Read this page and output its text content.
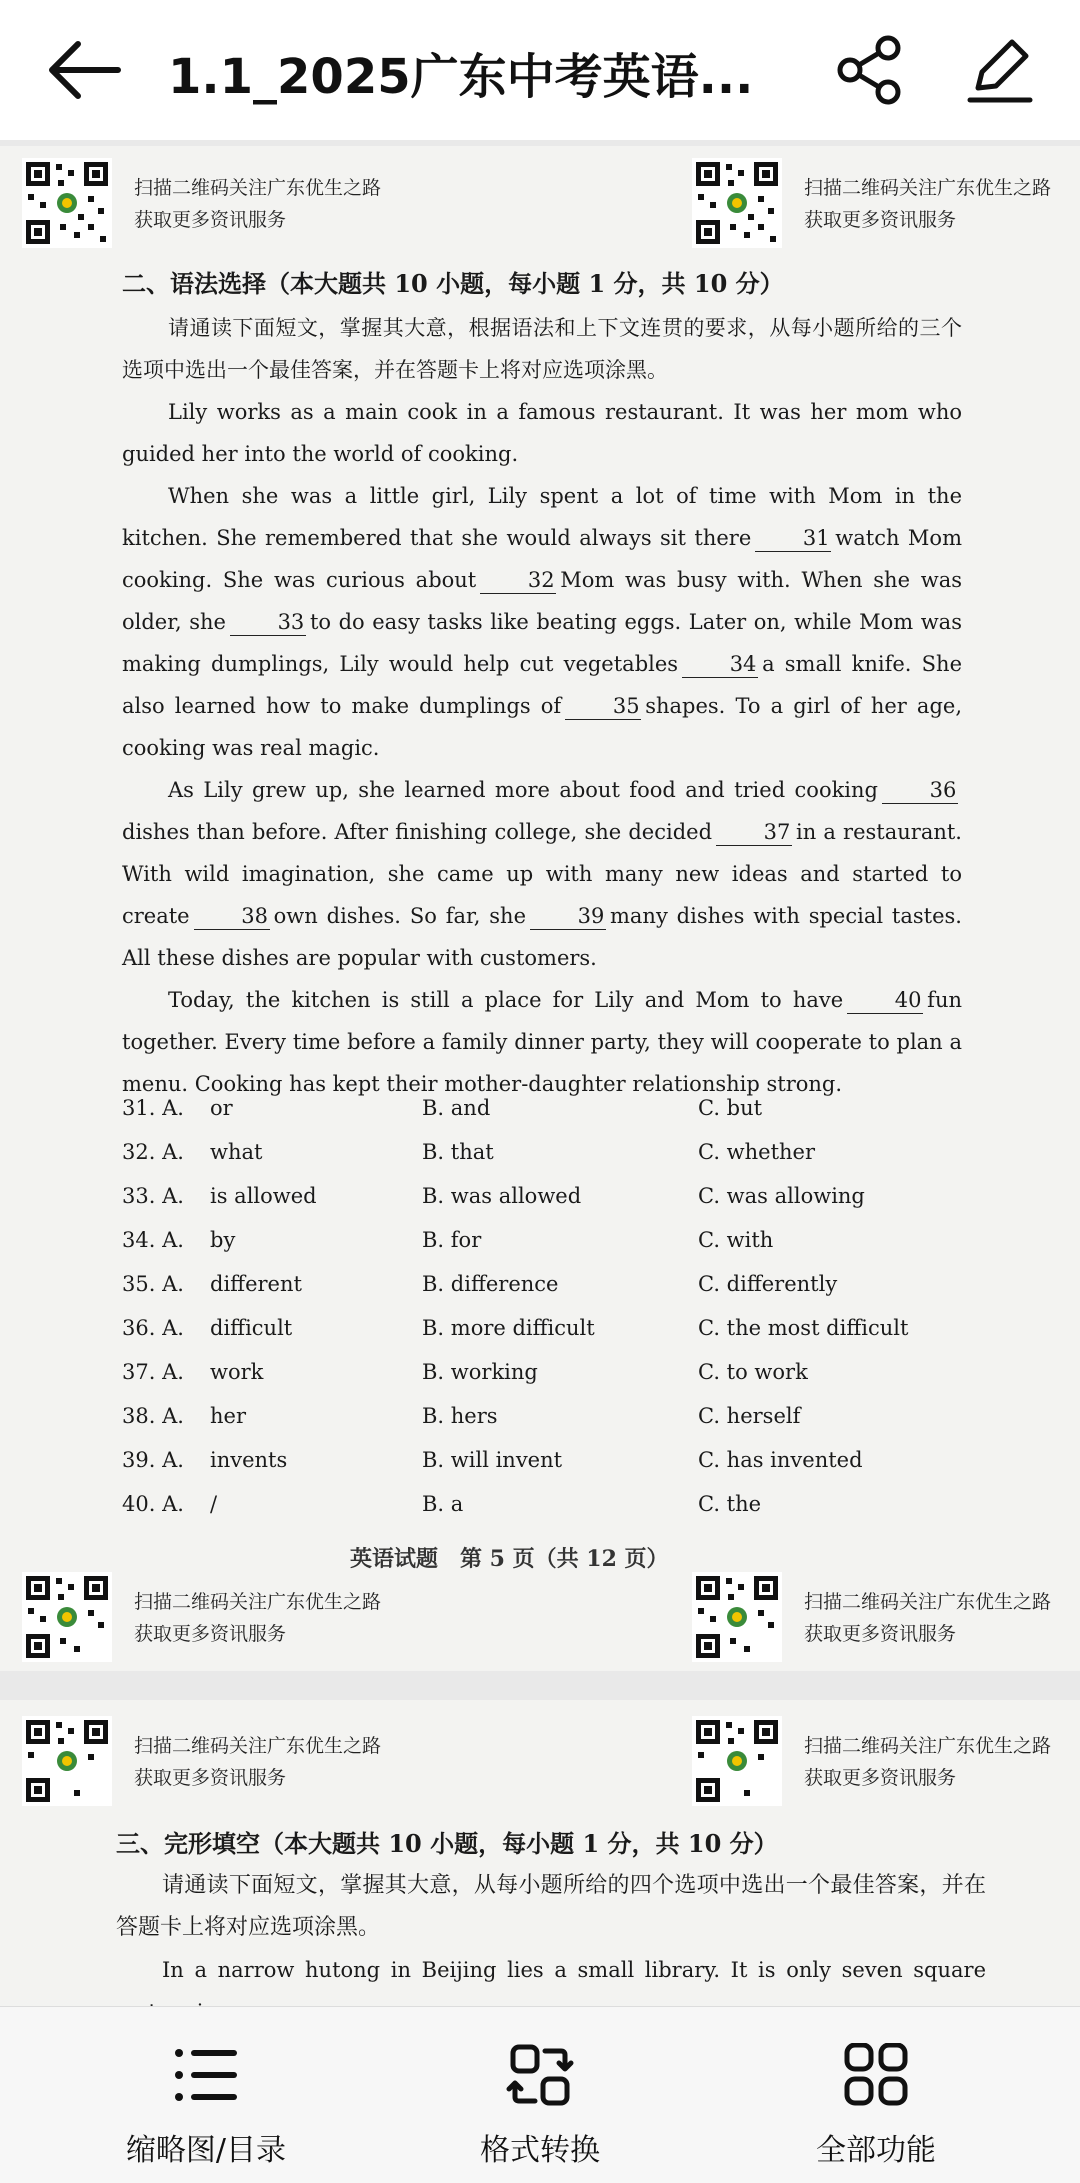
1.1_2025广东中考英语...
扫描二维码关注广东优生之路
获取更多资讯服务
扫描二维码关注广东优生之路
获取更多资讯服务
二、语法选择（本大题共 10 小题，每小题 1 分，共 10 分）
请通读下面短文，掌握其大意，根据语法和上下文连贯的要求，从每小题所给的三个选项中选出一个最佳答案，并在答题卡上将对应选项涂黑。
Lily works as a main cook in a famous restaurant. It was her mom who guided her into the world of cooking.
When she was a little girl, Lily spent a lot of time with Mom in the kitchen. She remembered that she would always sit there 31 watch Mom cooking. She was curious about 32 Mom was busy with. When she was older, she 33 to do easy tasks like beating eggs. Later on, while Mom was making dumplings, Lily would help cut vegetables 34 a small knife. She also learned how to make dumplings of 35 shapes. To a girl of her age, cooking was real magic.
As Lily grew up, she learned more about food and tried cooking 36dishes than before. After finishing college, she decided 37 in a restaurant. With wild imagination, she came up with many new ideas and started to create 38 own dishes. So far, she 39 many dishes with special tastes. All these dishes are popular with customers.
Today, the kitchen is still a place for Lily and Mom to have 40 fun together. Every time before a family dinner party, they will cooperate to plan a menu. Cooking has kept their mother-daughter relationship strong.
31. A. or	B. and	C. but
32. A. what	B. that	C. whether
33. A. is allowed	B. was allowed	C. was allowing
34. A. by	B. for	C. with
35. A. different	B. difference	C. differently
36. A. difficult	B. more difficult	C. the most difficult
37. A. work	B. working	C. to work
38. A. her	B. hers	C. herself
39. A. invents	B. will invent	C. has invented
40. A. /	B. a	C. the
英语试题　第 5 页（共 12 页）
扫描二维码关注广东优生之路
获取更多资讯服务
扫描二维码关注广东优生之路
获取更多资讯服务
扫描二维码关注广东优生之路
获取更多资讯服务
扫描二维码关注广东优生之路
获取更多资讯服务
三、完形填空（本大题共 10 小题，每小题 1 分，共 10 分）
请通读下面短文，掌握其大意，从每小题所给的四个选项中选出一个最佳答案，并在答题卡上将对应选项涂黑。
In a narrow hutong in Beijing lies a small library. It is only seven square
缩略图/目录	格式转换	全部功能
